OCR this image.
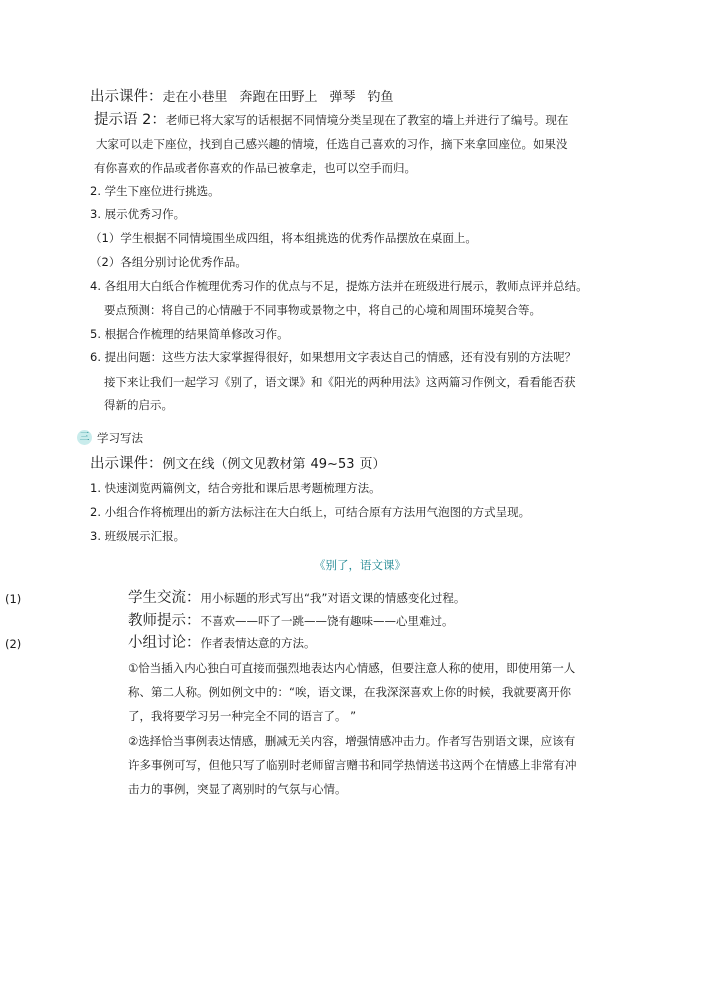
出示课件：走在小巷里 奔跑在田野上 弹琴 钓鱼
提示语 2：老师已将大家写的话根据不同情境分类呈现在了教室的墙上并进行了编号。现在
大家可以走下座位，找到自己感兴趣的情境，任选自己喜欢的习作，摘下来拿回座位。如果没
有你喜欢的作品或者你喜欢的作品已被拿走，也可以空手而归。
2. 学生下座位进行挑选。
3. 展示优秀习作。
（1）学生根据不同情境围坐成四组，将本组挑选的优秀作品摆放在桌面上。
（2）各组分别讨论优秀作品。
4. 各组用大白纸合作梳理优秀习作的优点与不足，提炼方法并在班级进行展示，教师点评并总结。
要点预测：将自己的心情融于不同事物或景物之中，将自己的心境和周围环境契合等。
5. 根据合作梳理的结果简单修改习作。
6. 提出问题：这些方法大家掌握得很好，如果想用文字表达自己的情感，还有没有别的方法呢？
接下来让我们一起学习《别了，语文课》和《阳光的两种用法》这两篇习作例文，看看能否获
得新的启示。
三 学习写法
出示课件：例文在线（例文见教材第 49~53 页）
1. 快速浏览两篇例文，结合旁批和课后思考题梳理方法。
2. 小组合作将梳理出的新方法标注在大白纸上，可结合原有方法用气泡图的方式呈现。
3. 班级展示汇报。
《别了，语文课》
(1)	学生交流：用小标题的形式写出“我”对语文课的情感变化过程。
教师提示：不喜欢——吓了一跳——饶有趣味——心里难过。
(2)	小组讨论：作者表情达意的方法。
①恰当插入内心独白可直接而强烈地表达内心情感，但要注意人称的使用，即使用第一人
称、第二人称。例如例文中的：“唉，语文课，在我深深喜欢上你的时候，我就要离开你
了，我将要学习另一种完全不同的语言了。 ”
②选择恰当事例表达情感，删减无关内容，增强情感冲击力。作者写告别语文课，应该有
许多事例可写，但他只写了临别时老师留言赠书和同学热情送书这两个在情感上非常有冲
击力的事例，突显了离别时的气氛与心情。
